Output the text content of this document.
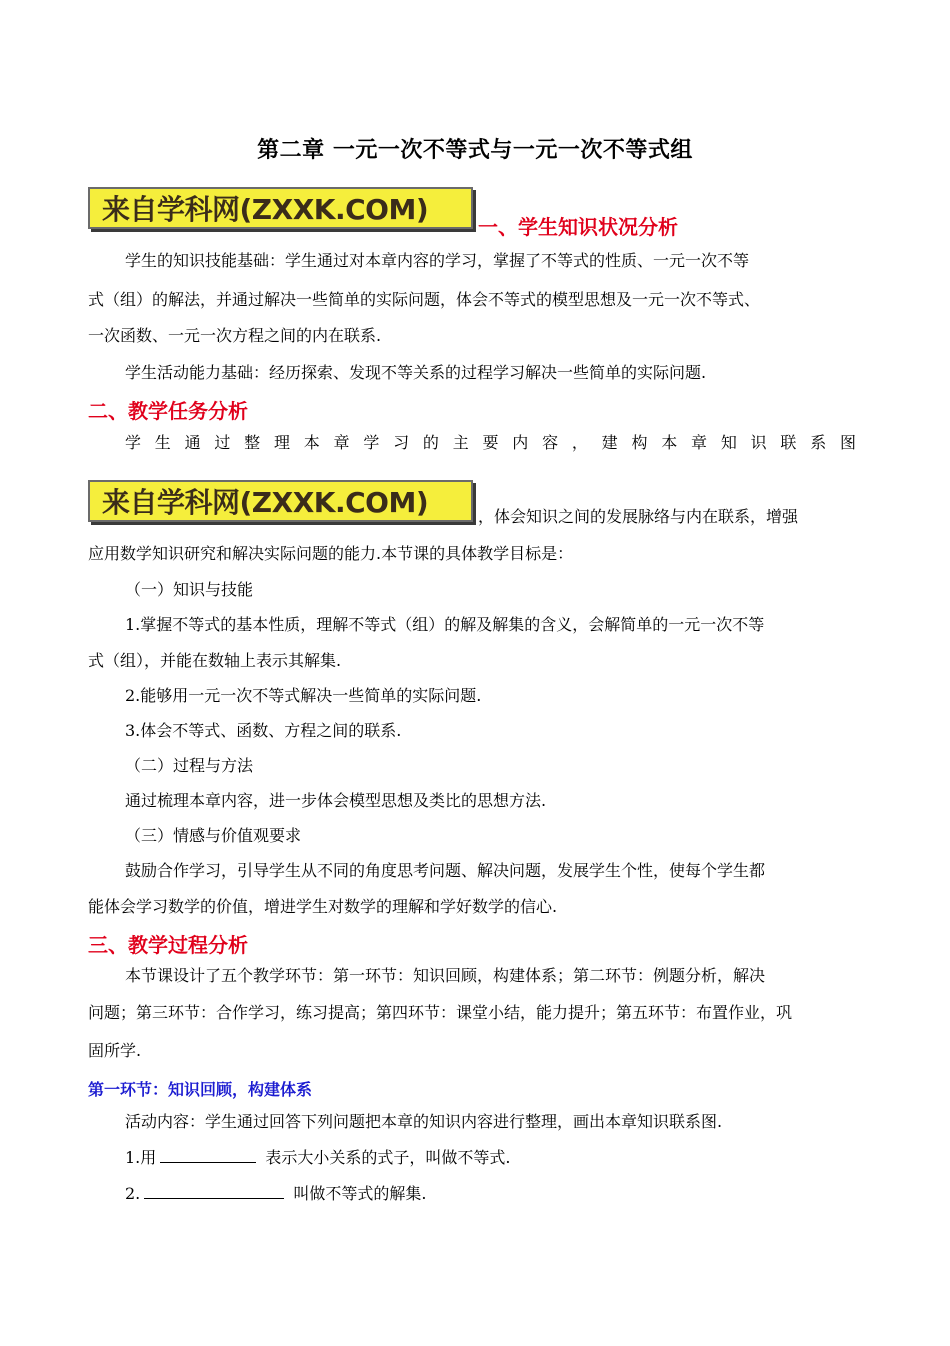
第二章 一元一次不等式与一元一次不等式组
来自学科网(ZXXK.COM)
一、学生知识状况分析
学生的知识技能基础：学生通过对本章内容的学习，掌握了不等式的性质、一元一次不等
式（组）的解法，并通过解决一些简单的实际问题，体会不等式的模型思想及一元一次不等式、
一次函数、一元一次方程之间的内在联系.
学生活动能力基础：经历探索、发现不等关系的过程学习解决一些简单的实际问题.
二、教学任务分析
学生通过整理本章学习的主要内容，建构本章知识联系图
来自学科网(ZXXK.COM)	，体会知识之间的发展脉络与内在联系，增强
应用数学知识研究和解决实际问题的能力.本节课的具体教学目标是：
（一）知识与技能
1.掌握不等式的基本性质，理解不等式（组）的解及解集的含义，会解简单的一元一次不等
式（组），并能在数轴上表示其解集.
2.能够用一元一次不等式解决一些简单的实际问题.
3.体会不等式、函数、方程之间的联系.
（二）过程与方法
通过梳理本章内容，进一步体会模型思想及类比的思想方法.
（三）情感与价值观要求
鼓励合作学习，引导学生从不同的角度思考问题、解决问题，发展学生个性，使每个学生都
能体会学习数学的价值，增进学生对数学的理解和学好数学的信心.
三、教学过程分析
本节课设计了五个教学环节：第一环节：知识回顾，构建体系；第二环节：例题分析，解决
问题；第三环节：合作学习，练习提高；第四环节：课堂小结，能力提升；第五环节：布置作业，巩
固所学.
第一环节：知识回顾，构建体系
活动内容：学生通过回答下列问题把本章的知识内容进行整理，画出本章知识联系图.
1.用	表示大小关系的式子，叫做不等式.
2.	叫做不等式的解集.
